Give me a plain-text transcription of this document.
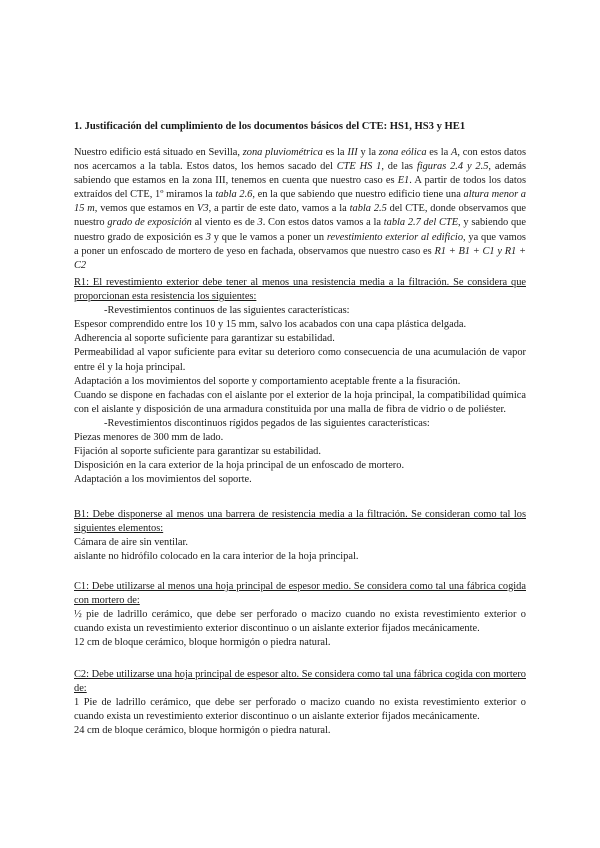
1. Justificación del cumplimiento de los documentos básicos del CTE: HS1, HS3 y HE1

Nuestro edificio está situado en Sevilla, zona pluviométrica es la III y la zona eólica es la A, con estos datos nos acercamos a la tabla. Estos datos, los hemos sacado del CTE HS 1, de las figuras 2.4 y 2.5, además sabiendo que estamos en la zona III, tenemos en cuenta que nuestro caso es E1. A partir de todos los datos extraídos del CTE, 1º miramos la tabla 2.6, en la que sabiendo que nuestro edificio tiene una altura menor a 15 m, vemos que estamos en V3, a partir de este dato, vamos a la tabla 2.5 del CTE, donde observamos que nuestro grado de exposición al viento es de 3. Con estos datos vamos a la tabla 2.7 del CTE, y sabiendo que nuestro grado de exposición es 3 y que le vamos a poner un revestimiento exterior al edificio, ya que vamos a poner un enfoscado de mortero de yeso en fachada, observamos que nuestro caso es R1 + B1 + C1 y R1 + C2

R1: El revestimiento exterior debe tener al menos una resistencia media a la filtración. Se considera que proporcionan esta resistencia los siguientes:

-Revestimientos continuos de las siguientes características:

Espesor comprendido entre los 10 y 15 mm, salvo los acabados con una capa plástica delgada.

Adherencia al soporte suficiente para garantizar su estabilidad.

Permeabilidad al vapor suficiente para evitar su deterioro como consecuencia de una acumulación de vapor entre él y la hoja principal.

Adaptación a los movimientos del soporte y comportamiento aceptable frente a la fisuración.

Cuando se dispone en fachadas con el aislante por el exterior de la hoja principal, la compatibilidad química con el aislante y disposición de una armadura constituida por una malla de fibra de vidrio o de poliéster.

-Revestimientos discontinuos rígidos pegados de las siguientes características:

Piezas menores de 300 mm de lado.

Fijación al soporte suficiente para garantizar su estabilidad.

Disposición en la cara exterior de la hoja principal de un enfoscado de mortero.

Adaptación a los movimientos del soporte.

B1: Debe disponerse al menos una barrera de resistencia media a la filtración. Se consideran como tal los siguientes elementos:

Cámara de aire sin ventilar.

aislante no hidrófilo colocado en la cara interior de la hoja principal.

C1: Debe utilizarse al menos una hoja principal de espesor medio. Se considera como tal una fábrica cogida con mortero de:

½ pie de ladrillo cerámico, que debe ser perforado o macizo cuando no exista revestimiento exterior o cuando exista un revestimiento exterior discontinuo o un aislante exterior fijados mecánicamente.

12 cm de bloque cerámico, bloque hormigón o piedra natural.

C2: Debe utilizarse una hoja principal de espesor alto. Se considera como tal una fábrica cogida con mortero de:

1 Pie de ladrillo cerámico, que debe ser perforado o macizo cuando no exista revestimiento exterior o cuando exista un revestimiento exterior discontinuo o un aislante exterior fijados mecánicamente.

24 cm de bloque cerámico, bloque hormigón o piedra natural.
